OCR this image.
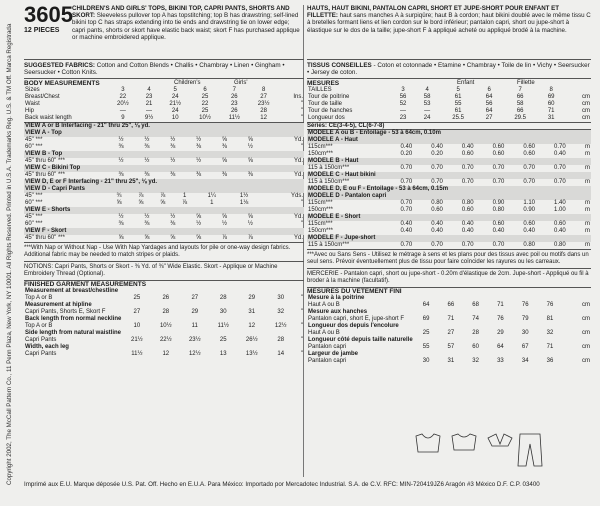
Copyright 2002, The McCall Pattern Co., 11 Penn Plaza, New York, NY 10001. All Rights Reserved. Printed in U.S.A. Trademarks Reg. U.S. & TM Off. Marca Registrada
3605
12 PIECES
CHILDREN'S AND GIRLS' TOPS, BIKINI TOP, CAPRI PANTS, SHORTS AND SKORT: Sleeveless pullover top A has topstitching; top B has drawstring; self-lined bikini top C has straps extending into tie ends and drawstring tie on lower edge; capri pants, shorts or skort have elastic back waist; skort F has purchased applique or machine embroidered applique.
SUGGESTED FABRICS: Cotton and Cotton Blends • Challis • Chambray • Linen • Gingham • Seersucker • Cotton Knits.
BODY MEASUREMENTS	Children's	Girls'
Sizes	3	4	5	6	7	8	
Breast/Chest	22	23	24	25	26	27	Ins.
Waist	20½	21	21½	22	23	23½	"
Hip	—	—	24	25	26	28	"
Back waist length	9	9½	10	10½	11½	12	"
VIEW A or B Interfacing - 21" thru 25", ⅛ yd.
VIEW A - Top							
45" ***	½	½	½	½	⅝	⅝	Yd.
60" ***	⅜	⅜	⅜	⅜	⅜	½	"
VIEW B - Top
45" thru 60" ***	½	½	½	½	⅝	⅝	Yd.
VIEW C - Bikini Top
45" thru 60" ***	⅜	⅜	⅜	⅜	⅜	⅜	Yd.
VIEW D, E or F Interfacing - 21" thru 25", ⅛ yd.
VIEW D - Capri Pants							
45" ***	¾	⅞	⅞	1	1¼	1½	Yds.
60" ***	⅝	⅝	⅝	⅞	1	1⅛	"
VIEW E - Shorts							
45" ***	½	½	½	⅝	⅝	⅝	Yd.
60" ***	⅜	⅜	⅜	½	½	½	"
VIEW F - Skort
45" thru 60" ***	⅝	⅝	⅝	⅝	⅞	⅞	Yd.
***With Nap or Without Nap - Use With Nap Yardages and layouts for pile or one-way design fabrics. Additional fabric may be needed to match stripes or plaids.
NOTIONS: Capri Pants, Shorts or Skort - ⅜ Yd. of ⅜" Wide Elastic. Skort - Applique or Machine Embroidery Thread (Optional).
FINISHED GARMENT MEASUREMENTS
Measurement at breast/chestline							
Top A or B	25	26	27	28	29	30	"
Measurement at hipline							
Capri Pants, Shorts E, Skort F	27	28	29	30	31	32	"
Back length from normal neckline							
Top A or B	10	10½	11	11½	12	12½	"
Side length from natural waistline							
Capri Pants	21½	22½	23½	25	26½	28	"
Width, each leg							
Capri Pants	11½	12	12½	13	13½	14	"
HAUTS, HAUT BIKINI, PANTALON CAPRI, SHORT ET JUPE-SHORT POUR ENFANT ET FILLETTE: haut sans manches A à surpiqûre; haut B à cordon; haut bikini doublé avec le même tissu C à bretelles formant liens et lien cordon sur le bord inférieur; pantalon capri, short ou jupe-short à élastique sur le dos de la taille; jupe-short F à appliqué acheté ou appliqué brodé à la machine.
TISSUS CONSEILLES - Coton et cotonnade • Etamine • Chambray • Toile de lin • Vichy • Seersucker • Jersey de coton.
MESURES	Enfant	Fillette
TAILLES	3	4	5	6	7	8	
Tour de poitrine	56	58	61	64	66	69	cm
Tour de taille	52	53	55	56	58	60	cm
Tour de hanches	—	—	61	64	66	71	cm
Longueur dos	23	24	25.5	27	29.5	31	cm
Séries: CE(3-4-5), CL(6-7-8)
MODELE A ou B - Entoilage - 53 à 64cm, 0.10m
MODELE A - Haut							
115cm***	0.40	0.40	0.40	0.60	0.60	0.70	m
150cm***	0.20	0.20	0.60	0.60	0.60	0.40	m
MODELE B - Haut
115 à 150cm***	0.70	0.70	0.70	0.70	0.70	0.70	m
MODELE C - Haut bikini
115 à 150cm***	0.70	0.70	0.70	0.70	0.70	0.70	m
MODELE D, E ou F - Entoilage - 53 à 64cm, 0.15m
MODELE D - Pantalon capri							
115cm***	0.70	0.80	0.80	0.90	1.10	1.40	m
150cm***	0.70	0.60	0.60	0.80	0.90	1.00	m
MODELE E - Short							
115cm***	0.40	0.40	0.40	0.60	0.60	0.60	m
150cm***	0.40	0.40	0.40	0.40	0.40	0.40	m
MODELE F - Jupe-short
115 à 150cm***	0.70	0.70	0.70	0.70	0.80	0.80	m
***Avec ou Sans Sens - Utilisez le métrage à sens et les plans pour des tissus avec poil ou motifs dans un seul sens. Prévoir éventuellement plus de tissu pour faire coïncider les rayures ou les carreaux.
MERCERIE - Pantalon capri, short ou jupe-short - 0.20m d'élastique de 2cm. Jupe-short - Appliqué ou fil à broder à la machine (facultatif).
MESURES DU VETEMENT FINI
Mesure à la poitrine							
Haut A ou B	64	66	68	71	76	76	cm
Mesure aux hanches							
Pantalon capri, short E, jupe-short F	69	71	74	76	79	81	cm
Longueur dos depuis l'encolure							
Haut A ou B	25	27	28	29	30	32	cm
Longueur côté depuis taille naturelle							
Pantalon capri	55	57	60	64	67	71	cm
Largeur de jambe							
Pantalon capri	30	31	32	33	34	36	cm
Imprimé aux E.U. Marque déposée U.S. Pat. Off. Hecho en E.U.A. Para México: Importado por Mercadotec Industrial. S.A. de C.V. RFC: MIN-720419JZ6 Aragón #3 México D.F. C.P. 03400
